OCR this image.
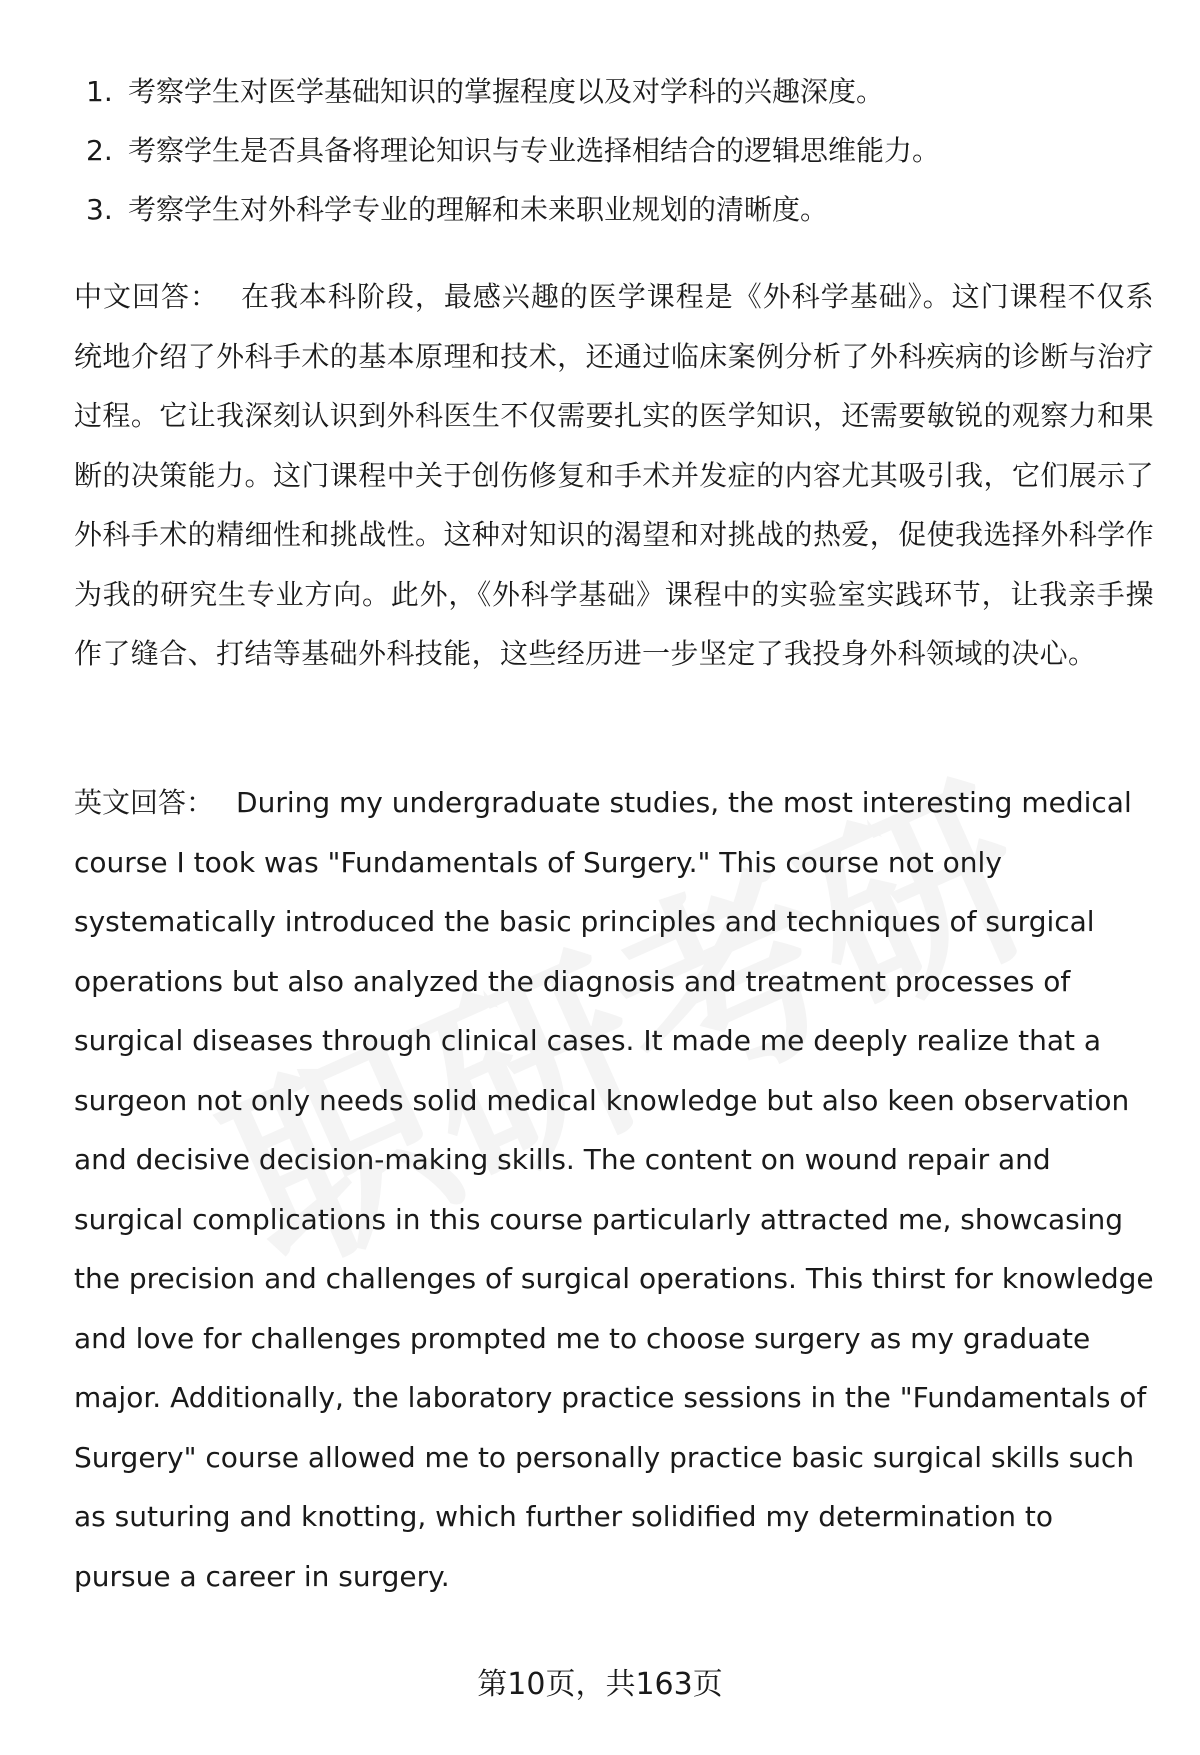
1. 考察学生对医学基础知识的掌握程度以及对学科的兴趣深度。
2. 考察学生是否具备将理论知识与专业选择相结合的逻辑思维能力。
3. 考察学生对外科学专业的理解和未来职业规划的清晰度。

中文回答： 在我本科阶段，最感兴趣的医学课程是《外科学基础》。这门课程不仅系统地介绍了外科手术的基本原理和技术，还通过临床案例分析了外科疾病的诊断与治疗过程。它让我深刻认识到外科医生不仅需要扎实的医学知识，还需要敏锐的观察力和果断的决策能力。这门课程中关于创伤修复和手术并发症的内容尤其吸引我，它们展示了外科手术的精细性和挑战性。这种对知识的渴望和对挑战的热爱，促使我选择外科学作为我的研究生专业方向。此外，《外科学基础》课程中的实验室实践环节，让我亲手操作了缝合、打结等基础外科技能，这些经历进一步坚定了我投身外科领域的决心。

英文回答： During my undergraduate studies, the most interesting medical course I took was "Fundamentals of Surgery." This course not only systematically introduced the basic principles and techniques of surgical operations but also analyzed the diagnosis and treatment processes of surgical diseases through clinical cases. It made me deeply realize that a surgeon not only needs solid medical knowledge but also keen observation and decisive decision-making skills. The content on wound repair and surgical complications in this course particularly attracted me, showcasing the precision and challenges of surgical operations. This thirst for knowledge and love for challenges prompted me to choose surgery as my graduate major. Additionally, the laboratory practice sessions in the "Fundamentals of Surgery" course allowed me to personally practice basic surgical skills such as suturing and knotting, which further solidified my determination to pursue a career in surgery.

第10页，共163页
